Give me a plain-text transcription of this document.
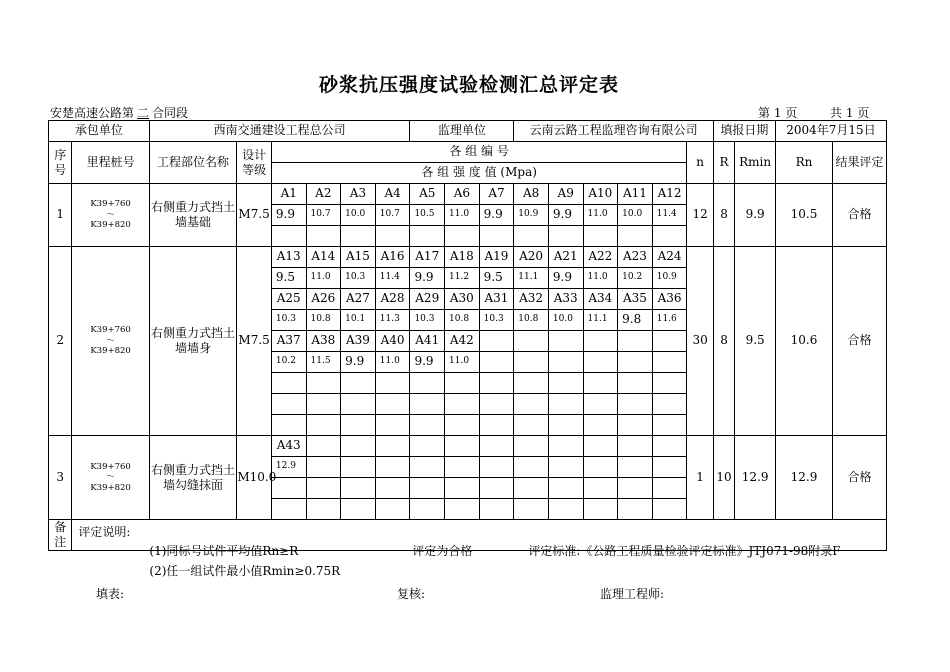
砂浆抗压强度试验检测汇总评定表
安楚高速公路第 二 合同段	第 1 页	共 1 页
承包单位		西南交通建设工程总公司						监理单位			云南云路工程监理咨询有限公司						填报日期		2004年7月15日	
序号	里程桩号	工程部位名称	设计等级	各 组 编 号												n	R	Rmin	Rn	结果评定
				各 组 强 度 值 (Mpa)																
1	K39+760
～
K39+820	右侧重力式挡土墙基础	M7.5	A1	A2	A3	A4	A5	A6	A7	A8	A9	A10	A11	A12	12	8	9.9	10.5	合格
				9.9	10.7	10.0	10.7	10.5	11.0	9.9	10.9	9.9	11.0	10.0	11.4					

2	K39+760
～
K39+820	右侧重力式挡土墙墙身	M7.5	A13	A14	A15	A16	A17	A18	A19	A20	A21	A22	A23	A24	30	8	9.5	10.6	合格
				9.5	11.0	10.3	11.4	9.9	11.2	9.5	11.1	9.9	11.0	10.2	10.9					
				A25	A26	A27	A28	A29	A30	A31	A32	A33	A34	A35	A36					
				10.3	10.8	10.1	11.3	10.3	10.8	10.3	10.8	10.0	11.1	9.8	11.6					
				A37	A38	A39	A40	A41	A42											
				10.2	11.5	9.9	11.0	9.9	11.0											

3	K39+760
～
K39+820	右侧重力式挡土墙勾缝抹面	M10.0	A43												1	10	12.9	12.9	合格
				12.9																

备注	评定说明:
(1)同标号试件平均值Rn≥R
(2)任一组试件最小值Rmin≥0.75R
评定为合格 评定标准:《公路工程质量检验评定标准》JTJ071-98附录F																			
填表:	复核:	监理工程师:
